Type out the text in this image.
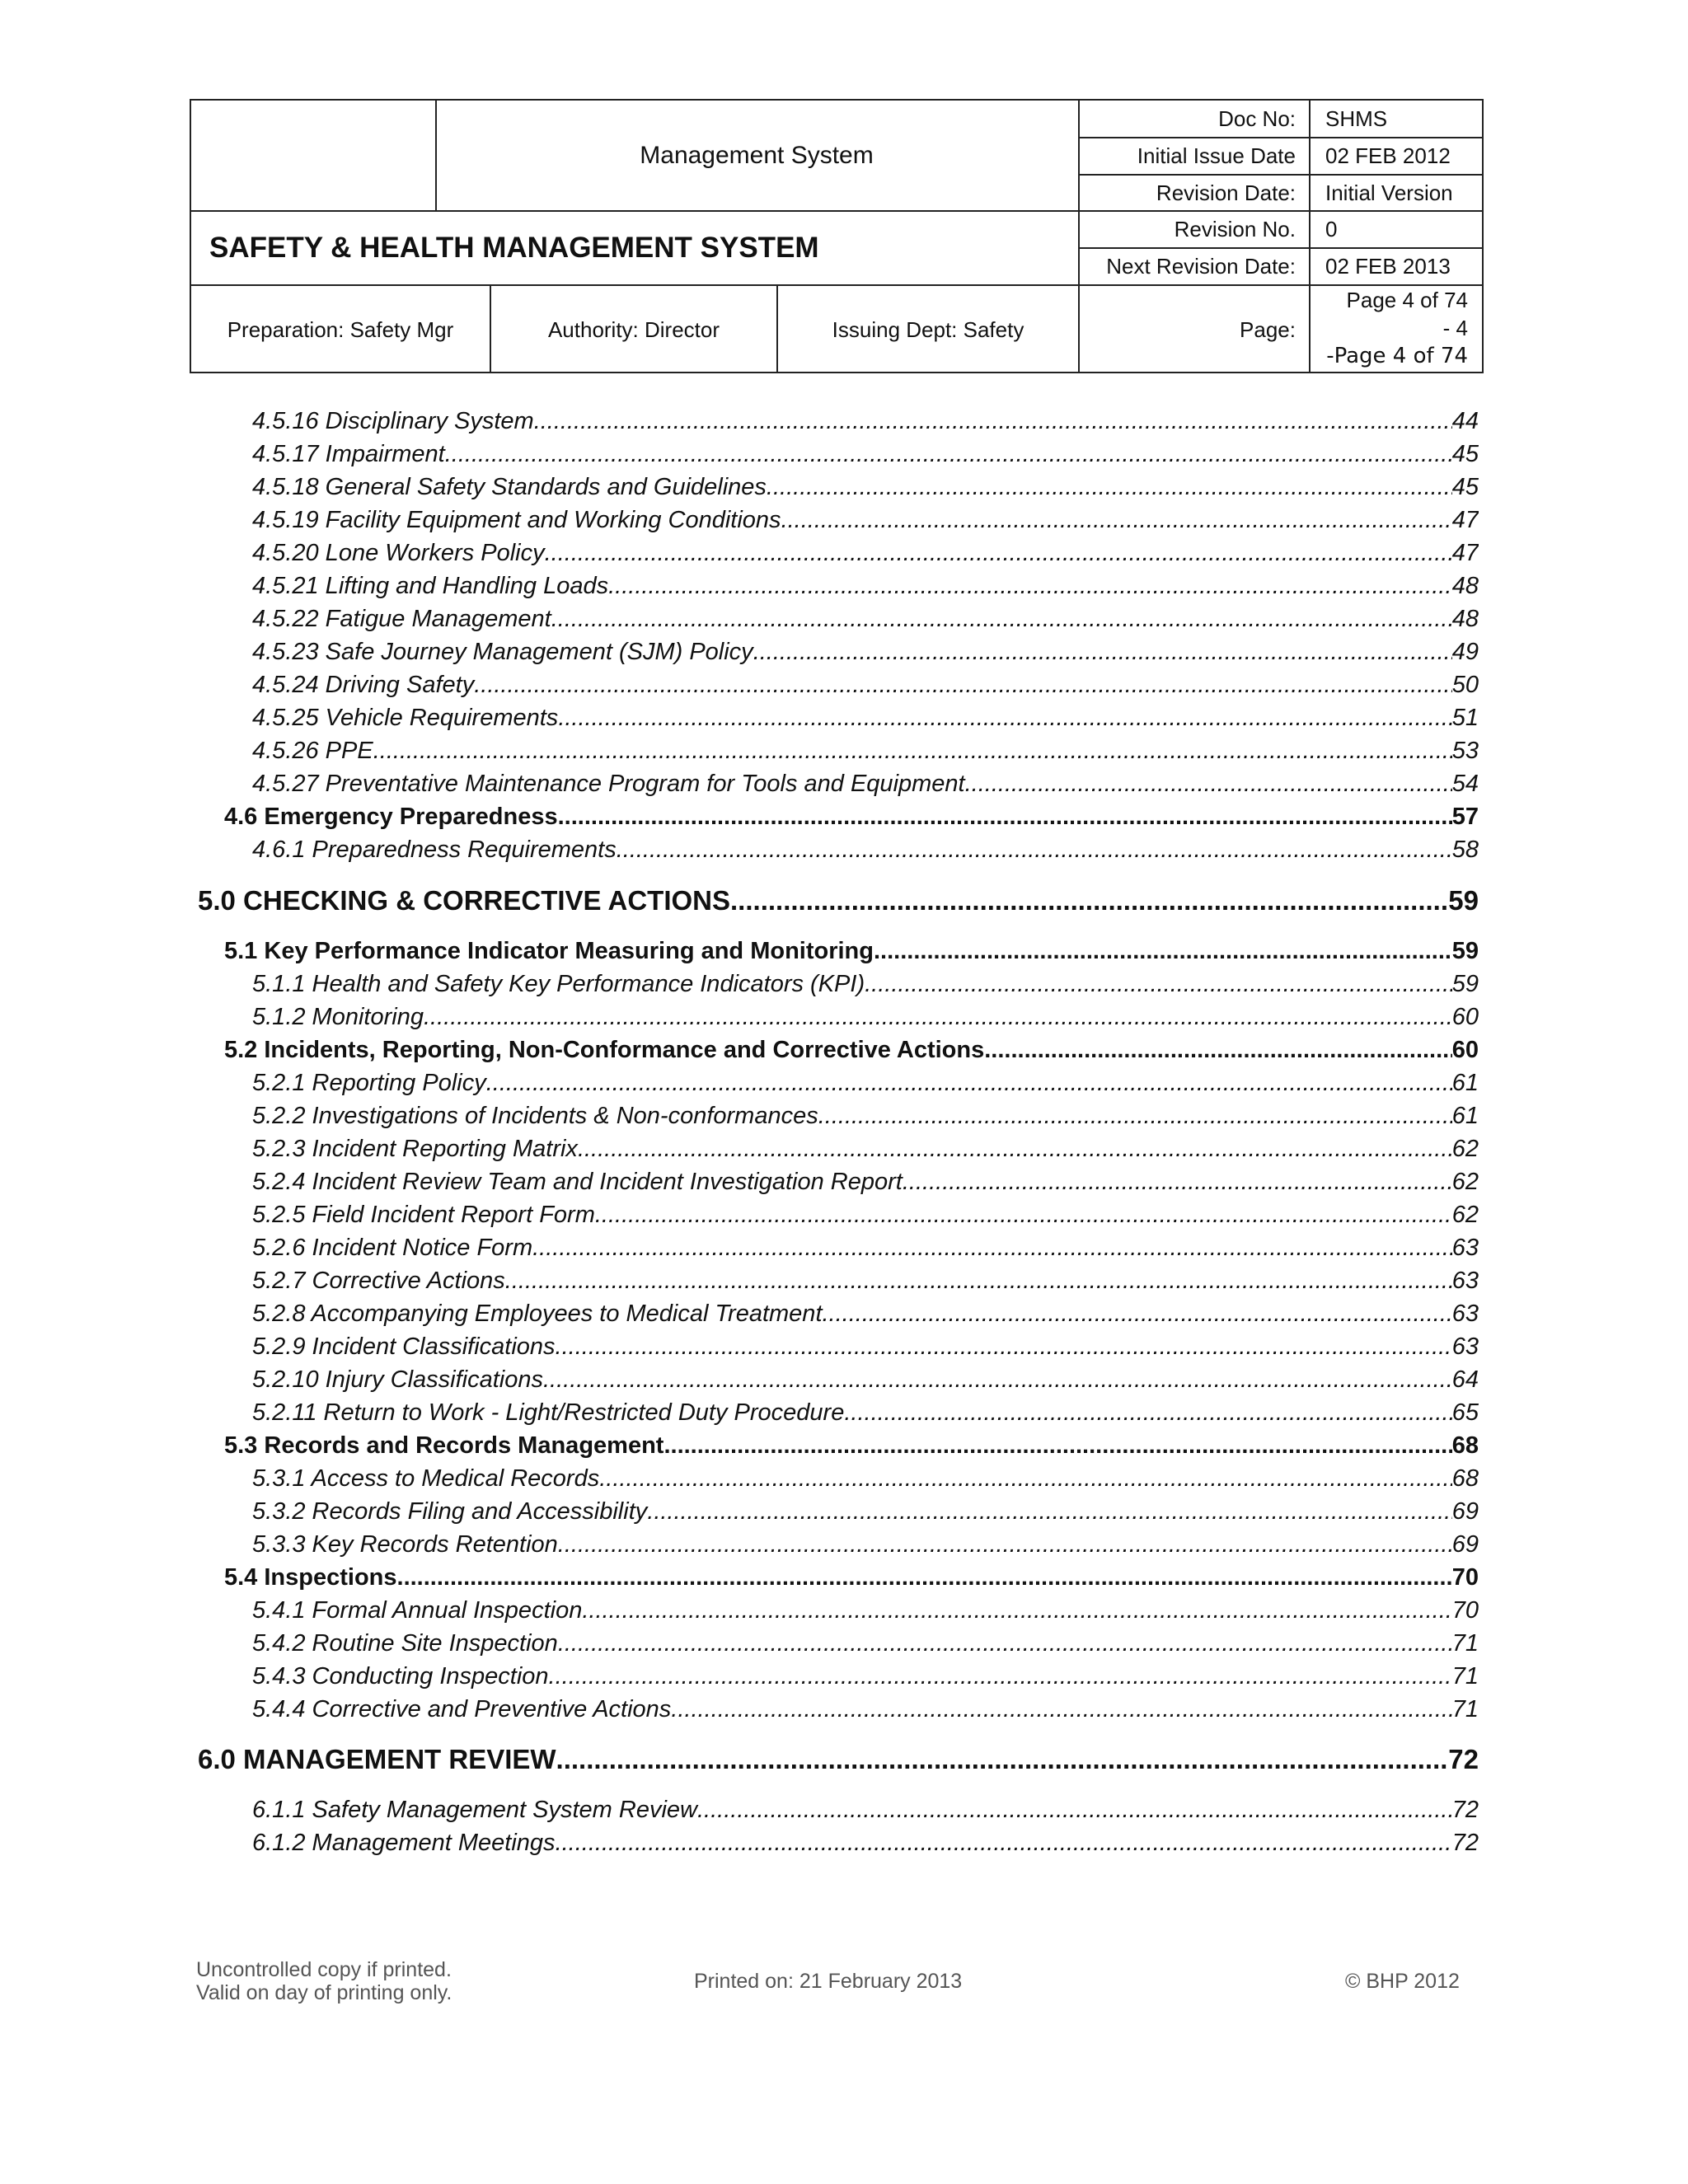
Management System
SAFETY & HEALTH MANAGEMENT SYSTEM
Doc No:	SHMS
Initial Issue Date	02 FEB 2012
Revision Date:	Initial Version
Revision No.	0
Next Revision Date:	02 FEB 2013
Preparation: Safety Mgr	Authority: Director	Issuing Dept: Safety	Page:
Page 4 of 74
- 4
-Page 4 of 74
4.5.16 Disciplinary System .....	44
4.5.17 Impairment .....	45
4.5.18 General Safety Standards and Guidelines .....	45
4.5.19 Facility Equipment and Working Conditions .....	47
4.5.20 Lone Workers Policy .....	47
4.5.21 Lifting and Handling Loads .....	48
4.5.22 Fatigue Management .....	48
4.5.23 Safe Journey Management (SJM) Policy .....	49
4.5.24 Driving Safety .....	50
4.5.25 Vehicle Requirements .....	51
4.5.26 PPE .....	53
4.5.27 Preventative Maintenance Program for Tools and Equipment .....	54
4.6 Emergency Preparedness .....	57
4.6.1 Preparedness Requirements .....	58
5.0 CHECKING & CORRECTIVE ACTIONS .....	59
5.1 Key Performance Indicator Measuring and Monitoring .....	59
5.1.1 Health and Safety Key Performance Indicators (KPI) .....	59
5.1.2 Monitoring .....	60
5.2 Incidents, Reporting, Non-Conformance and Corrective Actions .....	60
5.2.1 Reporting Policy .....	61
5.2.2 Investigations of Incidents & Non-conformances .....	61
5.2.3 Incident Reporting Matrix .....	62
5.2.4 Incident Review Team and Incident Investigation Report .....	62
5.2.5 Field Incident Report Form .....	62
5.2.6 Incident Notice Form .....	63
5.2.7 Corrective Actions .....	63
5.2.8 Accompanying Employees to Medical Treatment .....	63
5.2.9 Incident Classifications .....	63
5.2.10 Injury Classifications .....	64
5.2.11 Return to Work - Light/Restricted Duty Procedure .....	65
5.3 Records and Records Management .....	68
5.3.1 Access to Medical Records .....	68
5.3.2 Records Filing and Accessibility .....	69
5.3.3 Key Records Retention .....	69
5.4 Inspections .....	70
5.4.1 Formal Annual Inspection .....	70
5.4.2 Routine Site Inspection .....	71
5.4.3 Conducting Inspection .....	71
5.4.4 Corrective and Preventive Actions .....	71
6.0 MANAGEMENT REVIEW .....	72
6.1.1 Safety Management System Review .....	72
6.1.2 Management Meetings .....	72
Uncontrolled copy if printed.
Valid on day of printing only.	Printed on: 21 February 2013	© BHP 2012
